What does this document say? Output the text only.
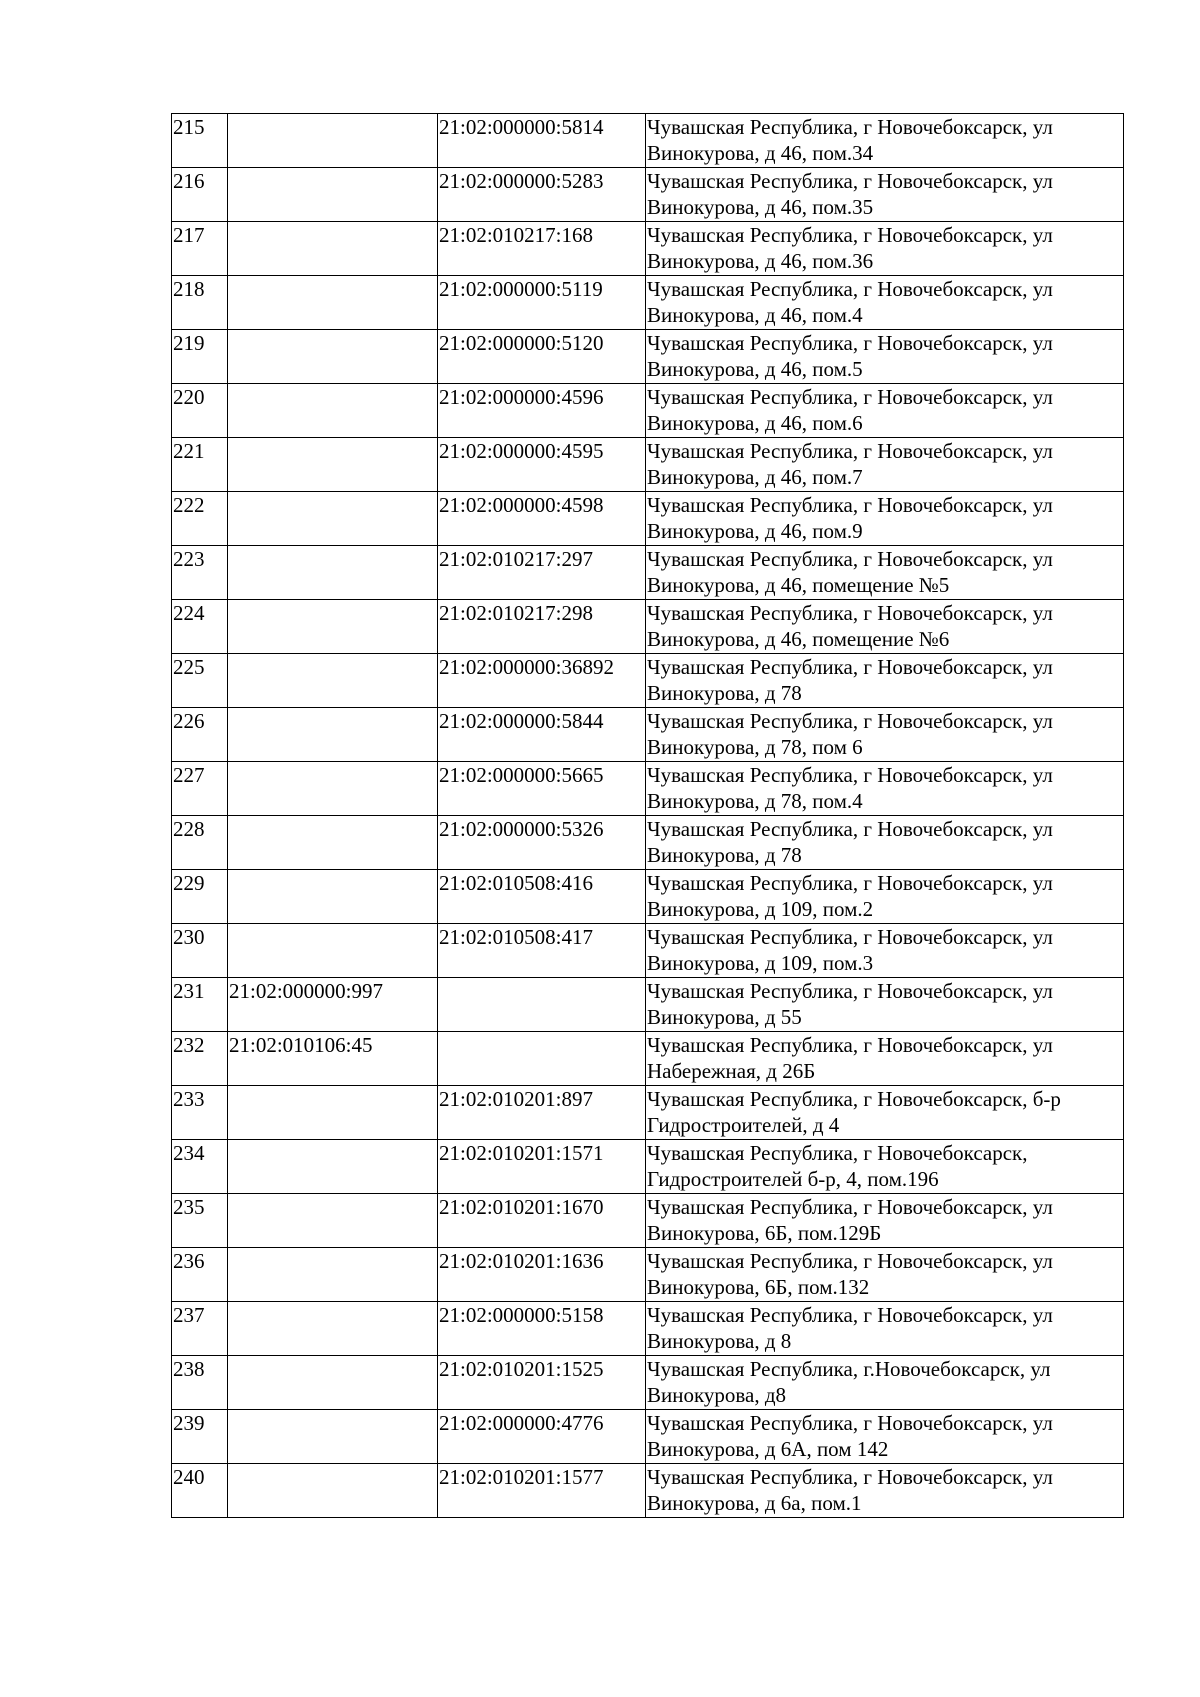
215		21:02:000000:5814	Чувашская Республика, г Новочебоксарск, ул Винокурова, д 46, пом.34
216		21:02:000000:5283	Чувашская Республика, г Новочебоксарск, ул Винокурова, д 46, пом.35
217		21:02:010217:168	Чувашская Республика, г Новочебоксарск, ул Винокурова, д 46, пом.36
218		21:02:000000:5119	Чувашская Республика, г Новочебоксарск, ул Винокурова, д 46, пом.4
219		21:02:000000:5120	Чувашская Республика, г Новочебоксарск, ул Винокурова, д 46, пом.5
220		21:02:000000:4596	Чувашская Республика, г Новочебоксарск, ул Винокурова, д 46, пом.6
221		21:02:000000:4595	Чувашская Республика, г Новочебоксарск, ул Винокурова, д 46, пом.7
222		21:02:000000:4598	Чувашская Республика, г Новочебоксарск, ул Винокурова, д 46, пом.9
223		21:02:010217:297	Чувашская Республика, г Новочебоксарск, ул Винокурова, д 46, помещение №5
224		21:02:010217:298	Чувашская Республика, г Новочебоксарск, ул Винокурова, д 46, помещение №6
225		21:02:000000:36892	Чувашская Республика, г Новочебоксарск, ул Винокурова, д 78
226		21:02:000000:5844	Чувашская Республика, г Новочебоксарск, ул Винокурова, д 78, пом 6
227		21:02:000000:5665	Чувашская Республика, г Новочебоксарск, ул Винокурова, д 78, пом.4
228		21:02:000000:5326	Чувашская Республика, г Новочебоксарск, ул Винокурова, д 78
229		21:02:010508:416	Чувашская Республика, г Новочебоксарск, ул Винокурова, д 109, пом.2
230		21:02:010508:417	Чувашская Республика, г Новочебоксарск, ул Винокурова, д 109, пом.3
231	21:02:000000:997		Чувашская Республика, г Новочебоксарск, ул Винокурова, д 55
232	21:02:010106:45		Чувашская Республика, г Новочебоксарск, ул Набережная, д 26Б
233		21:02:010201:897	Чувашская Республика, г Новочебоксарск, б-р Гидростроителей, д 4
234		21:02:010201:1571	Чувашская Республика, г Новочебоксарск, Гидростроителей б-р, 4, пом.196
235		21:02:010201:1670	Чувашская Республика, г Новочебоксарск, ул Винокурова, 6Б, пом.129Б
236		21:02:010201:1636	Чувашская Республика, г Новочебоксарск, ул Винокурова, 6Б, пом.132
237		21:02:000000:5158	Чувашская Республика, г Новочебоксарск, ул Винокурова, д 8
238		21:02:010201:1525	Чувашская Республика, г.Новочебоксарск, ул Винокурова, д8
239		21:02:000000:4776	Чувашская Республика, г Новочебоксарск, ул Винокурова, д 6А, пом 142
240		21:02:010201:1577	Чувашская Республика, г Новочебоксарск, ул Винокурова, д 6а, пом.1
